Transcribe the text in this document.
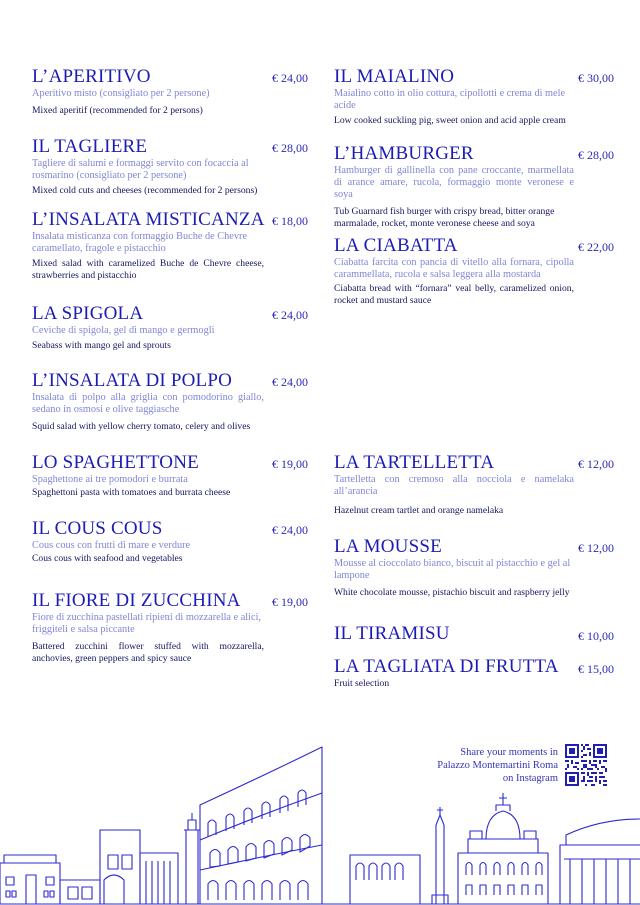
L’APERITIVO	€ 24,00
Aperitivo misto (consigliato per 2 persone)
Mixed aperitif (recommended for 2 persons)
IL TAGLIERE	€ 28,00
Tagliere di salumi e formaggi servito con focaccia al rosmarino (consigliato per 2 persone)
Mixed cold cuts and cheeses (recommended for 2 persons)
L’INSALATA MISTICANZA € 18,00
Insalata misticanza con formaggio Buche de Chevre caramellato, fragole e pistacchio
Mixed salad with caramelized Buche de Chevre cheese, strawberries and pistacchio
LA SPIGOLA	€ 24,00
Ceviche di spigola, gel di mango e germogli
Seabass with mango gel and sprouts
L’INSALATA DI POLPO	€ 24,00
Insalata di polpo alla griglia con pomodorino giallo, sedano in osmosi e olive taggiasche
Squid salad with yellow cherry tomato, celery and olives
LO SPAGHETTONE	€ 19,00
Spaghettone ai tre pomodori e burrata
Spaghettoni pasta with tomatoes and burrata cheese
IL COUS COUS	€ 24,00
Cous cous con frutti di mare e verdure
Cous cous with seafood and vegetables
IL FIORE DI ZUCCHINA	€ 19,00
Fiore di zucchina pastellati ripieni di mozzarella e alici, friggiteli e salsa piccante
Battered zucchini flower stuffed with mozzarella, anchovies, green peppers and spicy sauce
IL MAIALINO	€ 30,00
Maialino cotto in olio cottura, cipollotti e crema di mele acide
Low cooked suckling pig, sweet onion and acid apple cream
L’HAMBURGER	€ 28,00
Hamburger di gallinella con pane croccante, marmellata di arance amare, rucola, formaggio monte veronese e soya
Tub Guarnard fish burger with crispy bread, bitter orange marmalade, rocket, monte veronese cheese and soya
LA CIABATTA	€ 22,00
Ciabatta farcita con pancia di vitello alla fornara, cipolla carammellata, rucola e salsa leggera alla mostarda
Ciabatta bread with “fornara” veal belly, caramelized onion, rocket and mustard sauce
LA TARTELLETTA	€ 12,00
Tartelletta con cremoso alla nocciola e namelaka all’arancia
Hazelnut cream tartlet and orange namelaka
LA MOUSSE	€ 12,00
Mousse al cioccolato bianco, biscuit al pistacchio e gel al lampone
White chocolate mousse, pistachio biscuit and raspberry jelly
IL TIRAMISU	€ 10,00
LA TAGLIATA DI FRUTTA	€ 15,00
Fruit selection
Share your moments in
Palazzo Montemartini Roma
on Instagram
